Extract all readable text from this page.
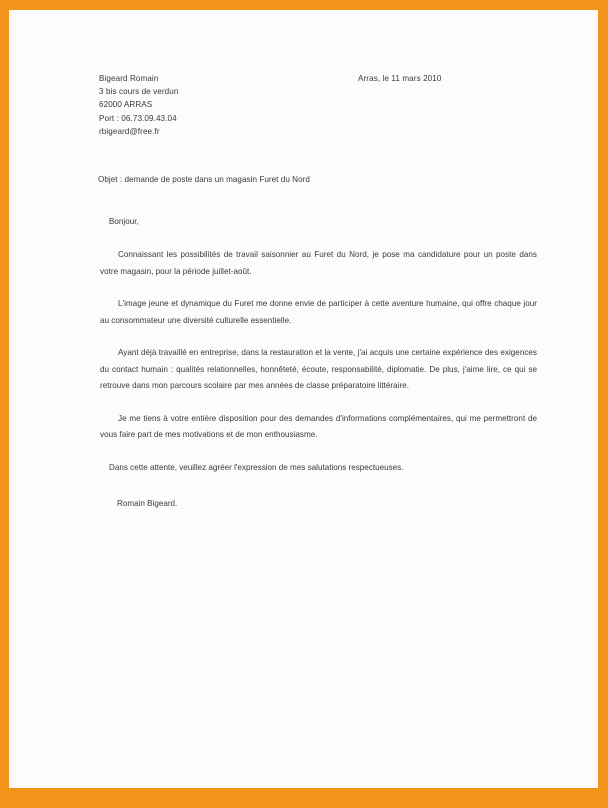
Bigeard Romain
3 bis cours de verdun
62000 ARRAS
Port : 06.73.09.43.04
rbigeard@free.fr
Arras, le 11 mars 2010
Objet : demande de poste dans un magasin Furet du Nord

Bonjour,

Connaissant les possibilités de travail saisonnier au Furet du Nord, je pose ma candidature pour un poste dans votre magasin, pour la période juillet-août.

L'image jeune et dynamique du Furet me donne envie de participer à cette aventure humaine, qui offre chaque jour au consommateur une diversité culturelle essentielle.

Ayant déjà travaillé en entreprise, dans la restauration et la vente, j'ai acquis une certaine expérience des exigences du contact humain : qualités relationnelles, honnêteté, écoute, responsabilité, diplomatie. De plus, j'aime lire, ce qui se retrouve dans mon parcours scolaire par mes années de classe préparatoire littéraire.

Je me tiens à votre entière disposition pour des demandes d'informations complémentaires, qui me permettront de vous faire part de mes motivations et de mon enthousiasme.

Dans cette attente, veuillez agréer l'expression de mes salutations respectueuses.

Romain Bigeard.
